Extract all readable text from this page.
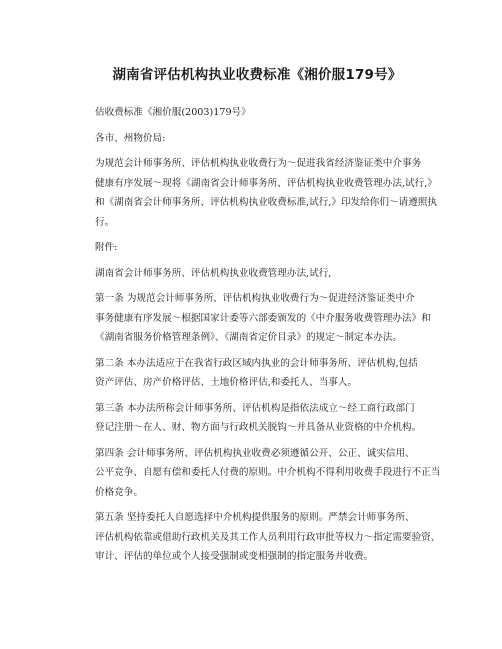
湖南省评估机构执业收费标准《湘价服179号》

估收费标准《湘价服(2003)179号》

各市、州物价局:

为规范会计师事务所、评估机构执业收费行为～促进我省经济鉴证类中介事务
健康有序发展～现将《湖南省会计师事务所、评估机构执业收费管理办法,试行,》
和《湖南省会计师事务所、评估机构执业收费标准,试行,》印发给你们～请遵照执
行。

附件:

湖南省会计师事务所、评估机构执业收费管理办法,试行,

第一条 为规范会计师事务所、评估机构执业收费行为～促进经济鉴证类中介
事务健康有序发展～根据国家计委等六部委颁发的《中介服务收费管理办法》和
《湖南省服务价格管理条例》、《湖南省定价目录》的规定～制定本办法。

第二条 本办法适应于在我省行政区域内执业的会计师事务所、评估机构,包括
资产评估、房产价格评估、土地价格评估,和委托人、当事人。

第三条 本办法所称会计师事务所、评估机构是指依法成立～经工商行政部门
登记注册～在人、财、物方面与行政机关脱钩～并具备从业资格的中介机构。

第四条 会计师事务所、评估机构执业收费必须遵循公开、公正、诚实信用、
公平竞争、自愿有偿和委托人付费的原则。中介机构不得利用收费手段进行不正当
价格竞争。

第五条 坚持委托人自愿选择中介机构提供服务的原则。严禁会计师事务所、
评估机构依靠或借助行政机关及其工作人员利用行政审批等权力～指定需要验资、
审计、评估的单位或个人接受强制或变相强制的指定服务并收费。
